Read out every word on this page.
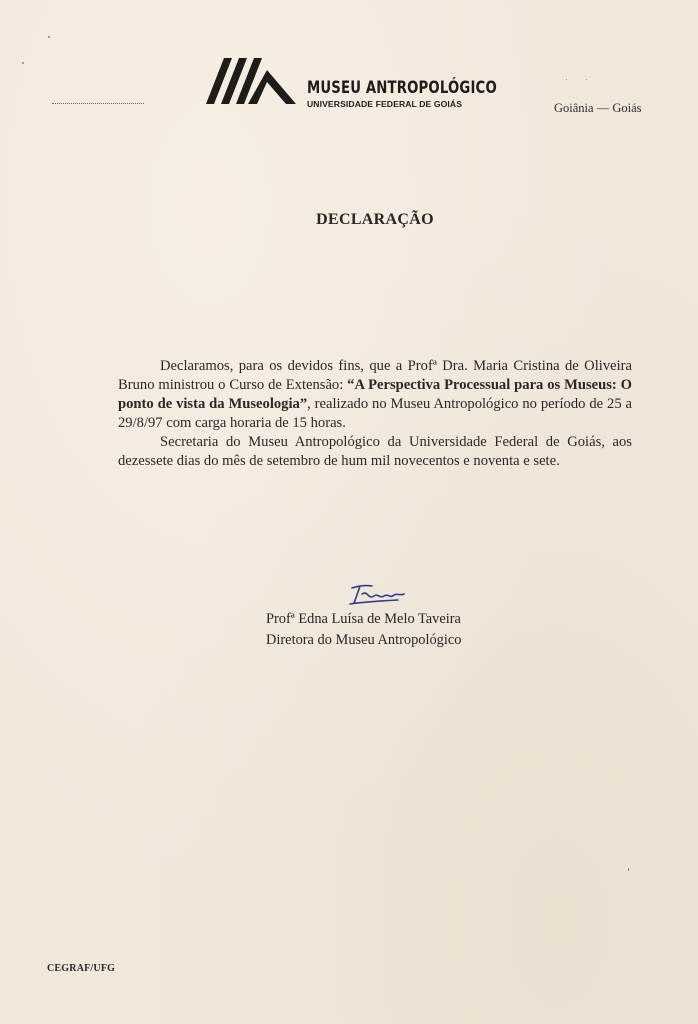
MUSEU ANTROPOLÓGICO
UNIVERSIDADE FEDERAL DE GOIÁS	Goiânia — Goiás
DECLARAÇÃO

Declaramos, para os devidos fins, que a Profª Dra. Maria Cristina de Oliveira Bruno ministrou o Curso de Extensão: “A Perspectiva Processual para os Museus: O ponto de vista da Museologia”, realizado no Museu Antropológico no período de 25 a 29/8/97 com carga horaria de 15 horas.

Secretaria do Museu Antropológico da Universidade Federal de Goiás, aos dezessete dias do mês de setembro de hum mil novecentos e noventa e sete.

Profª Edna Luísa de Melo Taveira
Diretora do Museu Antropológico
CEGRAF/UFG
